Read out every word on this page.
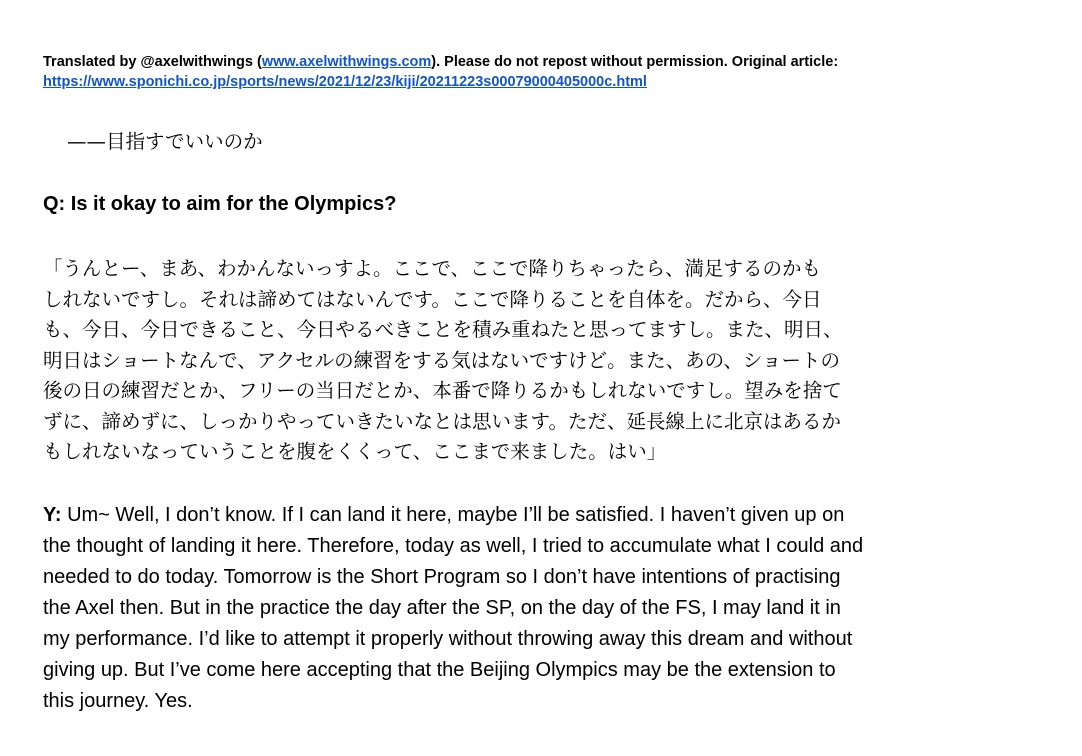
Translated by @axelwithwings (www.axelwithwings.com). Please do not repost without permission. Original article:
https://www.sponichi.co.jp/sports/news/2021/12/23/kiji/20211223s00079000405000c.html
——目指すでいいのか
Q: Is it okay to aim for the Olympics?
「うんとー、まあ、わかんないっすよ。ここで、ここで降りちゃったら、満足するのかも
しれないですし。それは諦めてはないんです。ここで降りることを自体を。だから、今日
も、今日、今日できること、今日やるべきことを積み重ねたと思ってますし。また、明日、
明日はショートなんで、アクセルの練習をする気はないですけど。また、あの、ショートの
後の日の練習だとか、フリーの当日だとか、本番で降りるかもしれないですし。望みを捨て
ずに、諦めずに、しっかりやっていきたいなとは思います。ただ、延長線上に北京はあるか
もしれないなっていうことを腹をくくって、ここまで来ました。はい」
Y: Um~ Well, I don’t know. If I can land it here, maybe I’ll be satisfied. I haven’t given up on
the thought of landing it here. Therefore, today as well, I tried to accumulate what I could and
needed to do today. Tomorrow is the Short Program so I don’t have intentions of practising
the Axel then. But in the practice the day after the SP, on the day of the FS, I may land it in
my performance. I’d like to attempt it properly without throwing away this dream and without
giving up. But I’ve come here accepting that the Beijing Olympics may be the extension to
this journey. Yes.
